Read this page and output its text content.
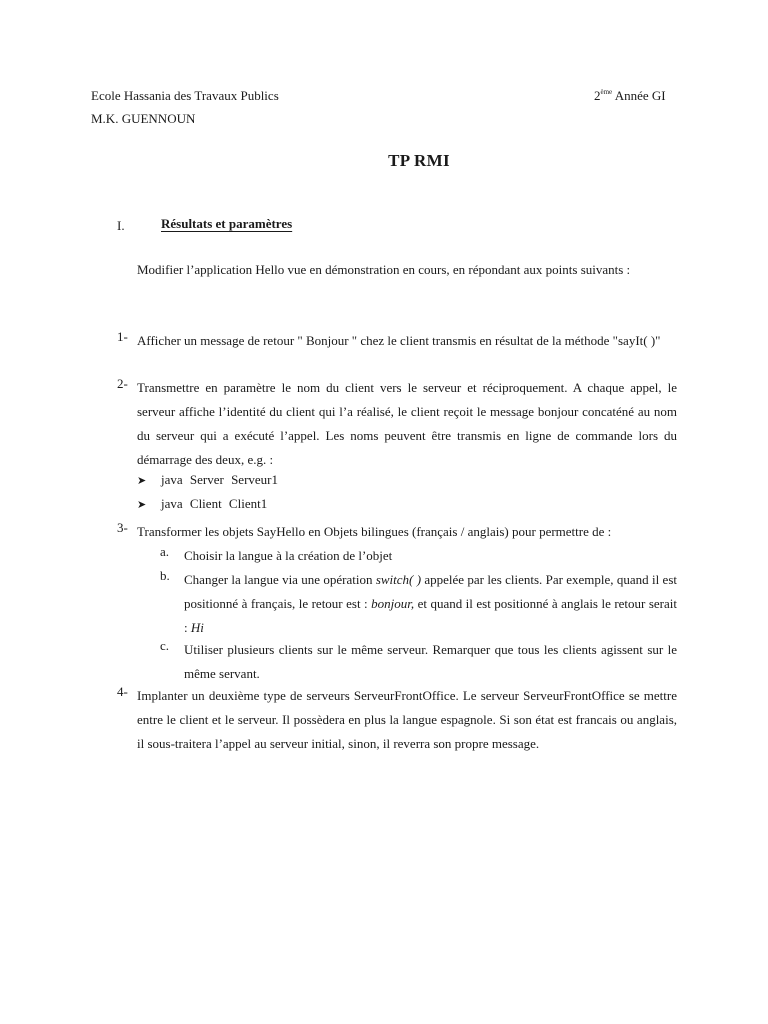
Ecole Hassania des Travaux Publics
M.K. GUENNOUN
2ème Année GI
TP RMI
I.	Résultats et paramètres
Modifier l’application Hello vue en démonstration en cours, en répondant aux points suivants :
1- Afficher un message de retour " Bonjour " chez le client transmis en résultat de la méthode "sayIt( )"
2- Transmettre en paramètre le nom du client vers le serveur et réciproquement. A chaque appel, le serveur affiche l’identité du client qui l’a réalisé, le client reçoit le message bonjour concaténé au nom du serveur qui a exécuté l’appel. Les noms peuvent être transmis en ligne de commande lors du démarrage des deux, e.g. :
➤ java Server Serveur1
➤ java Client Client1
3- Transformer les objets SayHello en Objets bilingues (français / anglais) pour permettre de :
a. Choisir la langue à la création de l’objet
b. Changer la langue via une opération switch( ) appelée par les clients. Par exemple, quand il est positionné à français, le retour est : bonjour, et quand il est positionné à anglais le retour serait : Hi
c. Utiliser plusieurs clients sur le même serveur. Remarquer que tous les clients agissent sur le même servant.
4- Implanter un deuxième type de serveurs ServeurFrontOffice. Le serveur ServeurFrontOffice se mettre entre le client et le serveur. Il possèdera en plus la langue espagnole. Si son état est francais ou anglais, il sous-traitera l’appel au serveur initial, sinon, il reverra son propre message.
